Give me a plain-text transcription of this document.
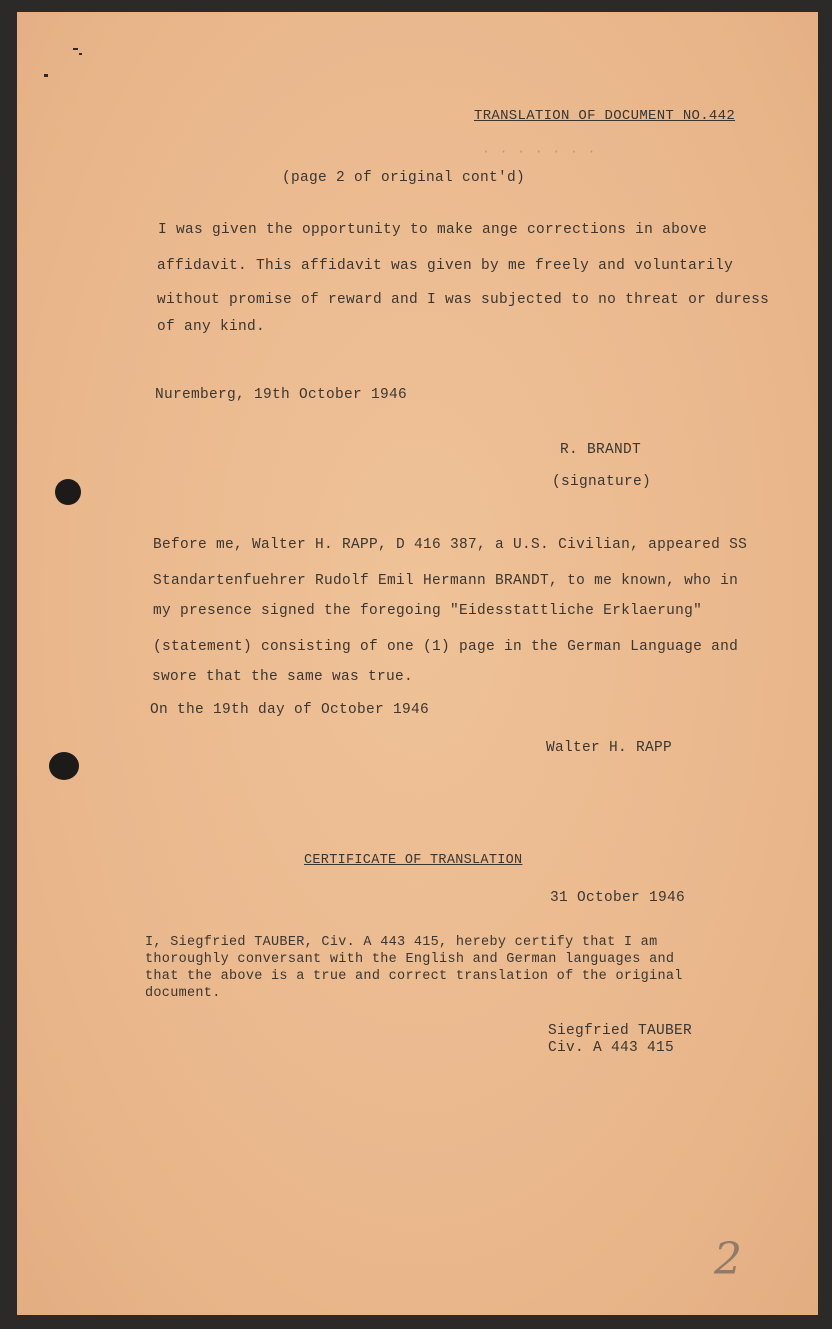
TRANSLATION OF DOCUMENT NO.442
· · · · · · ·
(page 2 of original cont'd)
I was given the opportunity to make ange corrections in above
affidavit. This affidavit was given by me freely and voluntarily
without promise of reward and I was subjected to no threat or duress
of any kind.
Nuremberg, 19th October 1946
R. BRANDT
(signature)
Before me, Walter H. RAPP, D 416 387, a U.S. Civilian, appeared SS
Standartenfuehrer Rudolf Emil Hermann BRANDT, to me known, who in
my presence signed the foregoing "Eidesstattliche Erklaerung"
(statement) consisting of one (1) page in the German Language and
swore that the same was true.
On the 19th day of October 1946
Walter H. RAPP
CERTIFICATE OF TRANSLATION
31 October 1946
I, Siegfried TAUBER, Civ. A 443 415, hereby certify that I am
thoroughly conversant with the English and German languages and
that the above is a true and correct translation of the original
document.
Siegfried TAUBER
Civ. A 443 415
2
